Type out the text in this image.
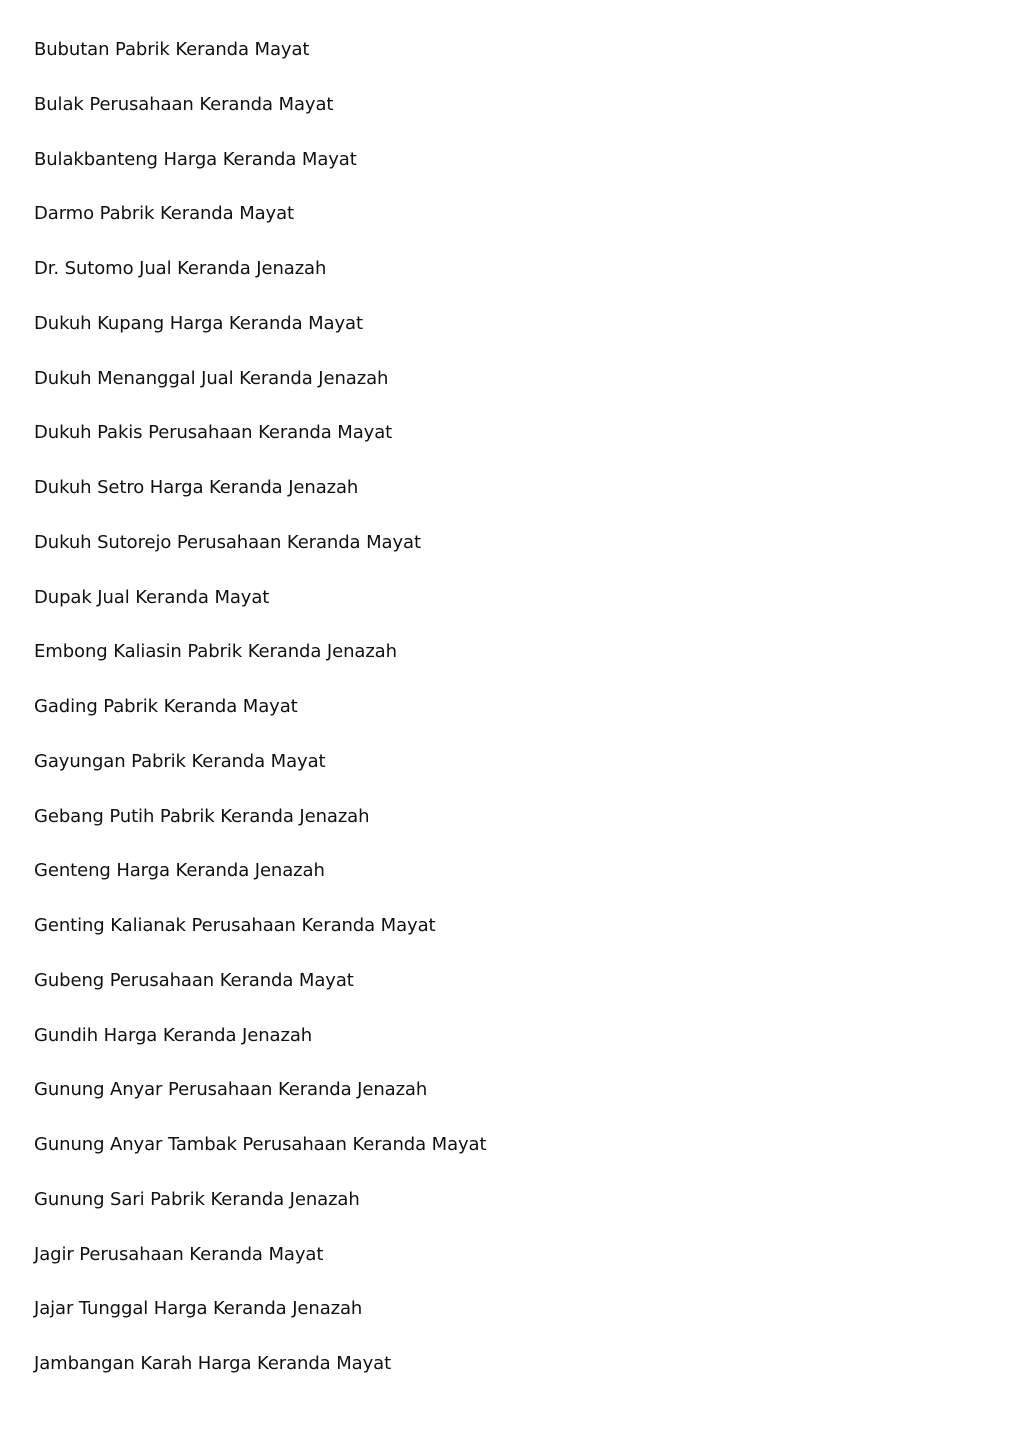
Bubutan Pabrik Keranda Mayat
Bulak Perusahaan Keranda Mayat
Bulakbanteng Harga Keranda Mayat
Darmo Pabrik Keranda Mayat
Dr. Sutomo Jual Keranda Jenazah
Dukuh Kupang Harga Keranda Mayat
Dukuh Menanggal Jual Keranda Jenazah
Dukuh Pakis Perusahaan Keranda Mayat
Dukuh Setro Harga Keranda Jenazah
Dukuh Sutorejo Perusahaan Keranda Mayat
Dupak Jual Keranda Mayat
Embong Kaliasin Pabrik Keranda Jenazah
Gading Pabrik Keranda Mayat
Gayungan Pabrik Keranda Mayat
Gebang Putih Pabrik Keranda Jenazah
Genteng Harga Keranda Jenazah
Genting Kalianak Perusahaan Keranda Mayat
Gubeng Perusahaan Keranda Mayat
Gundih Harga Keranda Jenazah
Gunung Anyar Perusahaan Keranda Jenazah
Gunung Anyar Tambak Perusahaan Keranda Mayat
Gunung Sari Pabrik Keranda Jenazah
Jagir Perusahaan Keranda Mayat
Jajar Tunggal Harga Keranda Jenazah
Jambangan Karah Harga Keranda Mayat
